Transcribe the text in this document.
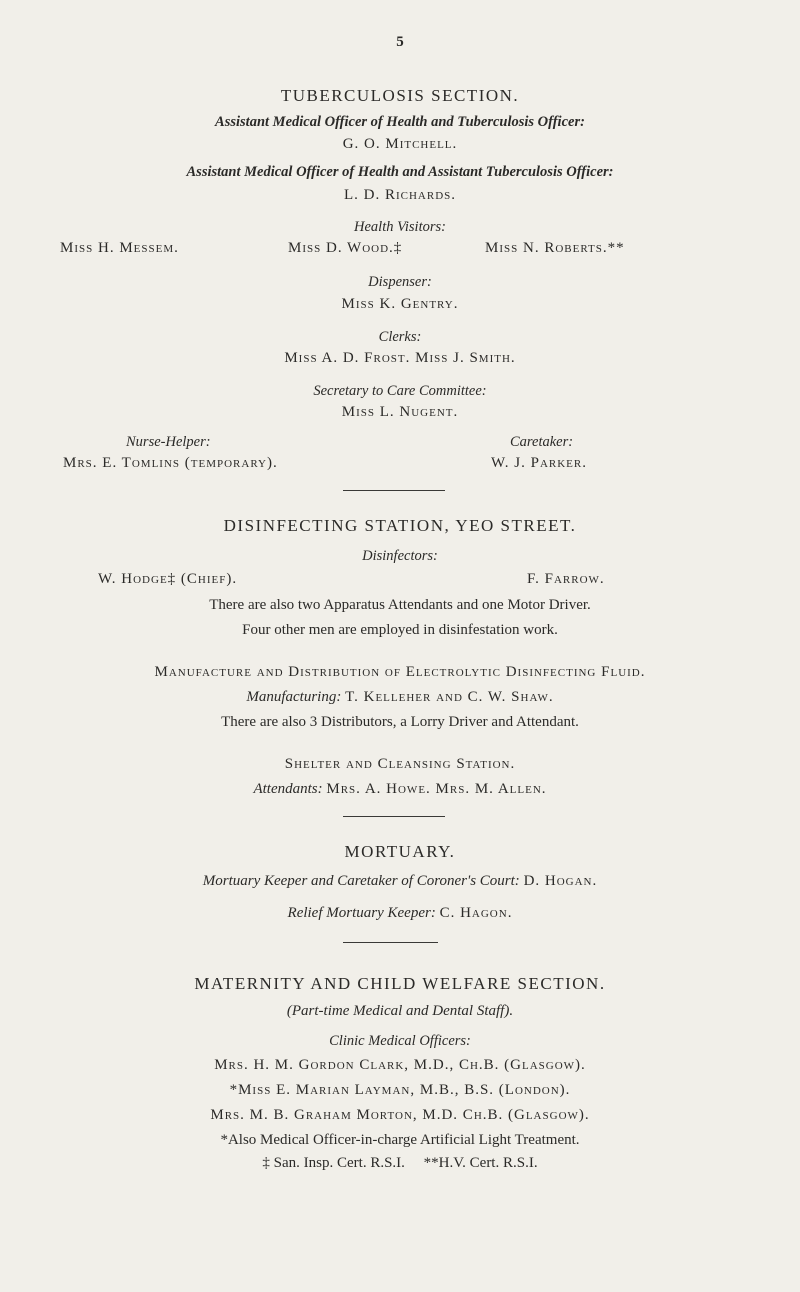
5
TUBERCULOSIS SECTION.
Assistant Medical Officer of Health and Tuberculosis Officer:
G. O. Mitchell.
Assistant Medical Officer of Health and Assistant Tuberculosis Officer:
L. D. Richards.
Health Visitors:
Miss H. Messem.	Miss D. Wood.‡	Miss N. Roberts.**
Dispenser:
Miss K. Gentry.
Clerks:
Miss A. D. Frost. Miss J. Smith.
Secretary to Care Committee:
Miss L. Nugent.
Nurse-Helper:
Mrs. E. Tomlins (temporary).
Caretaker:
W. J. Parker.
DISINFECTING STATION, YEO STREET.
Disinfectors:
W. Hodge‡ (Chief).	F. Farrow.
There are also two Apparatus Attendants and one Motor Driver.
Four other men are employed in disinfestation work.
Manufacture and Distribution of Electrolytic Disinfecting Fluid.
Manufacturing: T. Kelleher and C. W. Shaw.
There are also 3 Distributors, a Lorry Driver and Attendant.
Shelter and Cleansing Station.
Attendants: Mrs. A. Howe. Mrs. M. Allen.
MORTUARY.
Mortuary Keeper and Caretaker of Coroner's Court: D. Hogan.
Relief Mortuary Keeper: C. Hagon.
MATERNITY AND CHILD WELFARE SECTION.
(Part-time Medical and Dental Staff).
Clinic Medical Officers:
Mrs. H. M. Gordon Clark, M.D., Ch.B. (Glasgow).
*Miss E. Marian Layman, M.B., B.S. (London).
Mrs. M. B. Graham Morton, M.D. Ch.B. (Glasgow).
*Also Medical Officer-in-charge Artificial Light Treatment.
‡ San. Insp. Cert. R.S.I.     **H.V. Cert. R.S.I.
